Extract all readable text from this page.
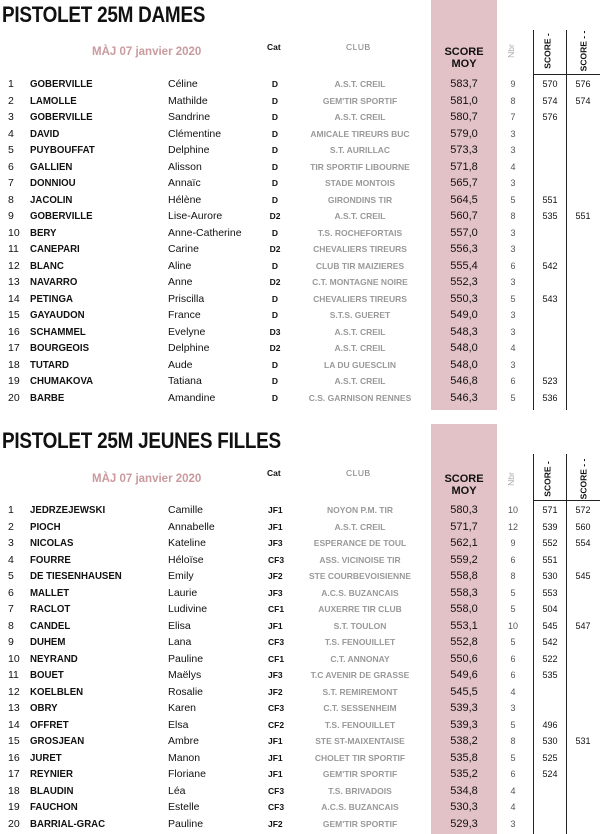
PISTOLET 25M DAMES
MÀJ 07 janvier 2020	Cat	CLUB	SCORE MOY
Nbr	SCORE -	SCORE - -
1 GOBERVILLE	Céline	D	A.S.T. CREIL	583,7	9	570	576
2 LAMOLLE	Mathilde	D	GEM'TIR SPORTIF	581,0	8	574	574
3 GOBERVILLE	Sandrine	D	A.S.T. CREIL	580,7	7	576
4 DAVID	Clémentine	D	AMICALE TIREURS BUC	579,0	3
5 PUYBOUFFAT	Delphine	D	S.T. AURILLAC	573,3	3
6 GALLIEN	Alisson	D	TIR SPORTIF LIBOURNE	571,8	4
7 DONNIOU	Annaïc	D	STADE MONTOIS	565,7	3
8 JACOLIN	Hélène	D	GIRONDINS TIR	564,5	5	551
9 GOBERVILLE	Lise-Aurore	D2	A.S.T. CREIL	560,7	8	535	551
10 BERY	Anne-Catherine	D	T.S. ROCHEFORTAIS	557,0	3
11 CANEPARI	Carine	D2	CHEVALIERS TIREURS	556,3	3
12 BLANC	Aline	D	CLUB TIR MAIZIERES	555,4	6	542
13 NAVARRO	Anne	D2	C.T. MONTAGNE NOIRE	552,3	3
14 PETINGA	Priscilla	D	CHEVALIERS TIREURS	550,3	5	543
15 GAYAUDON	France	D	S.T.S. GUERET	549,0	3
16 SCHAMMEL	Evelyne	D3	A.S.T. CREIL	548,3	3
17 BOURGEOIS	Delphine	D2	A.S.T. CREIL	548,0	4
18 TUTARD	Aude	D	LA DU GUESCLIN	548,0	3
19 CHUMAKOVA	Tatiana	D	A.S.T. CREIL	546,8	6	523
20 BARBE	Amandine	D	C.S. GARNISON RENNES	546,3	5	536
PISTOLET 25M JEUNES FILLES
MÀJ 07 janvier 2020	Cat	CLUB	SCORE MOY
Nbr	SCORE -	SCORE - -
1 JEDRZEJEWSKI	Camille	JF1	NOYON P.M. TIR	580,3	10	571	572
2 PIOCH	Annabelle	JF1	A.S.T. CREIL	571,7	12	539	560
3 NICOLAS	Kateline	JF3	ESPERANCE DE TOUL	562,1	9	552	554
4 FOURRE	Héloïse	CF3	ASS. VICINOISE TIR	559,2	6	551
5 DE TIESENHAUSEN	Emily	JF2	STE COURBEVOISIENNE	558,8	8	530	545
6 MALLET	Laurie	JF3	A.C.S. BUZANCAIS	558,3	5	553
7 RACLOT	Ludivine	CF1	AUXERRE TIR CLUB	558,0	5	504
8 CANDEL	Elisa	JF1	S.T. TOULON	553,1	10	545	547
9 DUHEM	Lana	CF3	T.S. FENOUILLET	552,8	5	542
10 NEYRAND	Pauline	CF1	C.T. ANNONAY	550,6	6	522
11 BOUET	Maëlys	JF3	T.C AVENIR DE GRASSE	549,6	6	535
12 KOELBLEN	Rosalie	JF2	S.T. REMIREMONT	545,5	4
13 OBRY	Karen	CF3	C.T. SESSENHEIM	539,3	3
14 OFFRET	Elsa	CF2	T.S. FENOUILLET	539,3	5	496
15 GROSJEAN	Ambre	JF1	STE ST-MAIXENTAISE	538,2	8	530	531
16 JURET	Manon	JF1	CHOLET TIR SPORTIF	535,8	5	525
17 REYNIER	Floriane	JF1	GEM'TIR SPORTIF	535,2	6	524
18 BLAUDIN	Léa	CF3	T.S. BRIVADOIS	534,8	4
19 FAUCHON	Estelle	CF3	A.C.S. BUZANCAIS	530,3	4
20 BARRIAL-GRAC	Pauline	JF2	GEM'TIR SPORTIF	529,3	3
